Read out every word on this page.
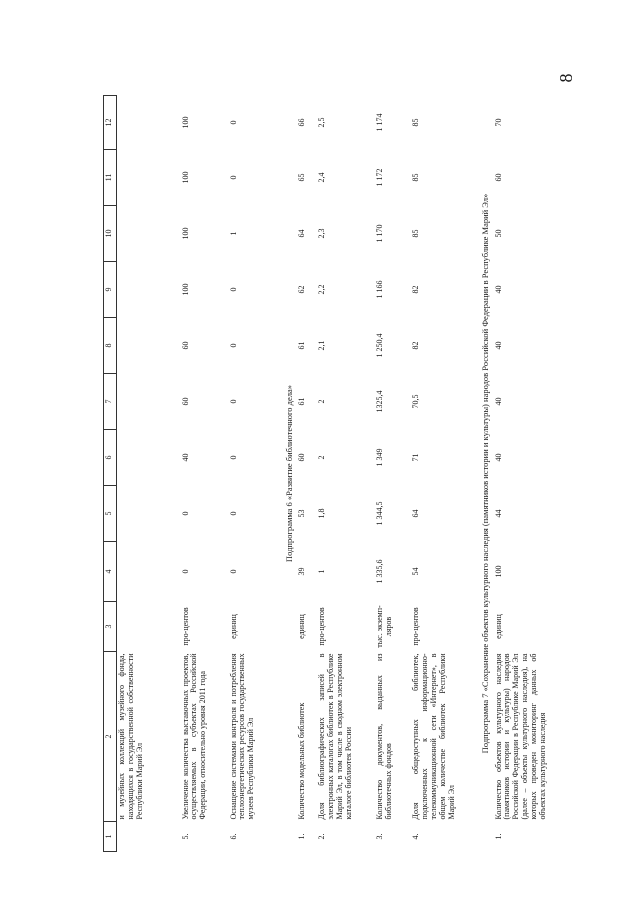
8
1	2	3	4	5	6	7	8	9	10	11	12
	и музейных коллекций музейного фонда, находящихся в государственной собственности Республики Марий Эл										
5.	Увеличение количества выставочных проектов, осуществляемых в субъектах Российской Федерации, относительно уровня 2011 года	про-центов	0	0	40	60	60	100	100	100	100
6.	Оснащение системами контроля и потребления теплоэнергетических ресурсов государственных музеев Республики Марий Эл	единиц	0	0	0	0	0	0	1	0	0
Подпрограмма 6 «Развитие библиотечного дела»											
1.	Количество модельных библиотек	единиц	39	53	60	61	61	62	64	65	66
2.	Доля библиографических записей в электронных каталогах библиотек в Республике Марий Эл, в том числе в сводном электронном каталоге библиотек России	про-центов	1	1,8	2	2	2,1	2,2	2,3	2,4	2,5
3.	Количество документов, выданных из библиотечных фондов	тыс. экземп-ляров	1 335,6	1 344,5	1 349	1325,4	1 250,4	1 166	1 170	1 172	1 174
4.	Доля общедоступных библиотек, подключенных к информационно-телекоммуникационной сети «Интернет», в общем количестве библиотек Республики Марий Эл	про-центов	54	64	71	70,5	82	82	85	85	85
Подпрограмма 7 «Сохранение объектов культурного наследия (памятников истории и культуры) народов Российской Федерации в Республике Марий Эл»											
1.	Количество объектов культурного наследия (памятников истории и культуры) народов Российской Федерации в Республике Марий Эл (далее – объекты культурного наследия), на которых проведен мониторинг данных об объектах культурного наследия	единиц	100	44	40	40	40	40	50	60	70
